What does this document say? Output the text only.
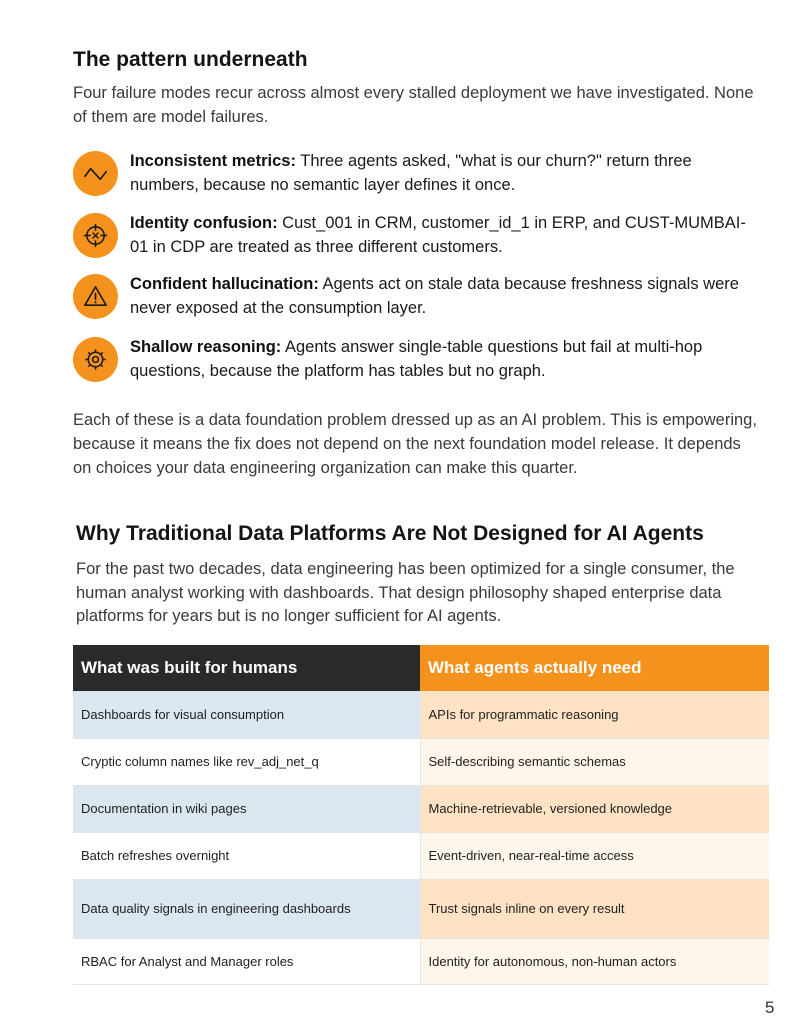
The pattern underneath
Four failure modes recur across almost every stalled deployment we have investigated. None of them are model failures.
Inconsistent metrics: Three agents asked, "what is our churn?" return three numbers, because no semantic layer defines it once.
Identity confusion: Cust_001 in CRM, customer_id_1 in ERP, and CUST-MUMBAI-01 in CDP are treated as three different customers.
Confident hallucination: Agents act on stale data because freshness signals were never exposed at the consumption layer.
Shallow reasoning: Agents answer single-table questions but fail at multi-hop questions, because the platform has tables but no graph.
Each of these is a data foundation problem dressed up as an AI problem. This is empowering, because it means the fix does not depend on the next foundation model release. It depends on choices your data engineering organization can make this quarter.
Why Traditional Data Platforms Are Not Designed for AI Agents
For the past two decades, data engineering has been optimized for a single consumer, the human analyst working with dashboards. That design philosophy shaped enterprise data platforms for years but is no longer sufficient for AI agents.
What was built for humans	What agents actually need
Dashboards for visual consumption	APIs for programmatic reasoning
Cryptic column names like rev_adj_net_q	Self-describing semantic schemas
Documentation in wiki pages	Machine-retrievable, versioned knowledge
Batch refreshes overnight	Event-driven, near-real-time access
Data quality signals in engineering dashboards	Trust signals inline on every result
RBAC for Analyst and Manager roles	Identity for autonomous, non-human actors
5
